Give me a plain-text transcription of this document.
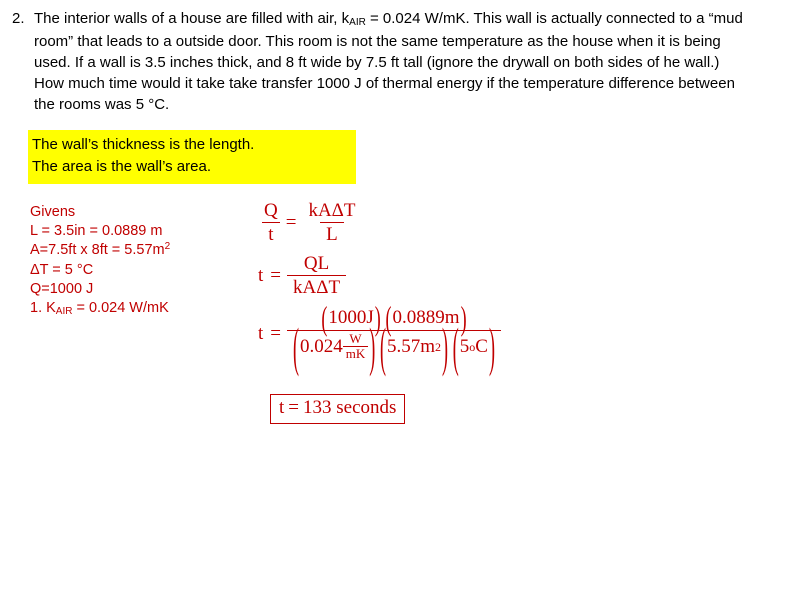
2. The interior walls of a house are filled with air, $k_{AIR} = 0.024$ W/mK. This wall is actually connected to a “mud room” that leads to a outside door. This room is not the same temperature as the house when it is being used. If a wall is 3.5 inches thick, and 8 ft wide by 7.5 ft tall (ignore the drywall on both sides of he wall.) How much time would it take take transfer 1000 J of thermal energy if the temperature difference between the rooms was 5 °C.
The wall’s thickness is the length.
The area is the wall’s area.
Givens
L = 3.5in = 0.0889 m
A=7.5ft x $8ft = 5.57m^2$
ΔT = 5 °C
Q=1000 J
1. $K_{AIR} = 0.024$ W/mK
$\frac{Q}{t} = \frac{\text{kAΔT}}{L}$
$t = \frac{QL}{\text{kAΔT}}$
t =	( 1000J )
( 0.0889m )
( $0.024 \frac{W}{mK}$ )
( 5.57m 2 )
( 5 o C )
t = 133 seconds
